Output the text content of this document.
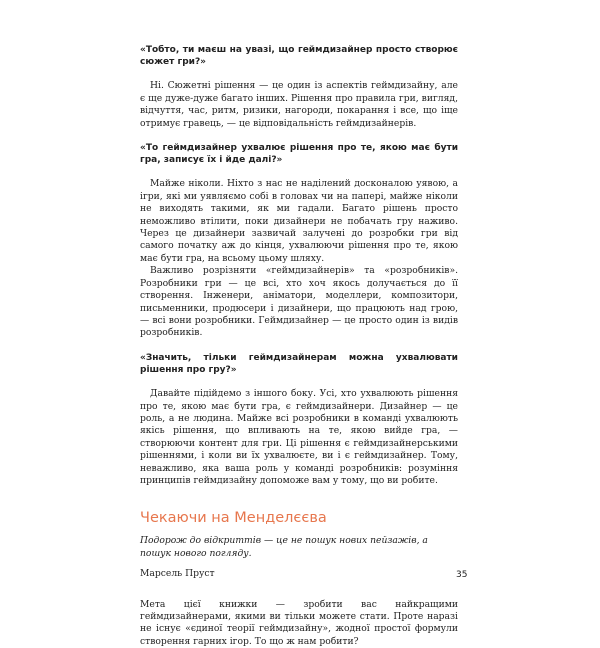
«Тобто, ти маєш на увазі, що геймдизайнер просто створює сюжет гри?»

Ні. Сюжетні рішення — це один із аспектів геймдизайну, але є ще дуже-дуже багато інших. Рішення про правила гри, вигляд, відчуття, час, ритм, ризики, нагороди, покарання і все, що іще отримує гравець, — це відповідальність геймдизайнерів.

«То геймдизайнер ухвалює рішення про те, якою має бути гра, записує їх і йде далі?»

Майже ніколи. Ніхто з нас не наділений досконалою уявою, а ігри, які ми уявляємо собі в головах чи на папері, майже ніколи не виходять такими, як ми гадали. Багато рішень просто неможливо втілити, поки дизайнери не побачать гру наживо. Через це дизайнери зазвичай залучені до розробки гри від самого початку аж до кінця, ухвалюючи рішення про те, якою має бути гра, на всьому цьому шляху.

Важливо розрізняти «геймдизайнерів» та «розробників». Розробники гри — це всі, хто хоч якось долучається до її створення. Інженери, аніматори, моделлери, композитори, письменники, продюсери і дизайнери, що працюють над грою, — всі вони розробники. Геймдизайнер — це просто один із видів розробників.

«Значить, тільки геймдизайнерам можна ухвалювати рішення про гру?»

Давайте підійдемо з іншого боку. Усі, хто ухвалюють рішення про те, якою має бути гра, є геймдизайнери. Дизайнер — це роль, а не людина. Майже всі розробники в команді ухвалюють якісь рішення, що впливають на те, якою вийде гра, — створюючи контент для гри. Ці рішення є геймдизайнерськими рішеннями, і коли ви їх ухвалюєте, ви і є геймдизайнер. Тому, неважливо, яка ваша роль у команді розробників: розуміння принципів геймдизайну допоможе вам у тому, що ви робите.

Чекаючи на Менделєєва

Подорож до відкриттів — це не пошук нових пейзажів, а пошук нового погляду.

Марсель Пруст

Мета цієї книжки — зробити вас найкращими геймдизайнерами, якими ви тільки можете стати. Проте наразі не існує «єдиної теорії геймдизайну», жодної простої формули створення гарних ігор. То що ж нам робити?

35
